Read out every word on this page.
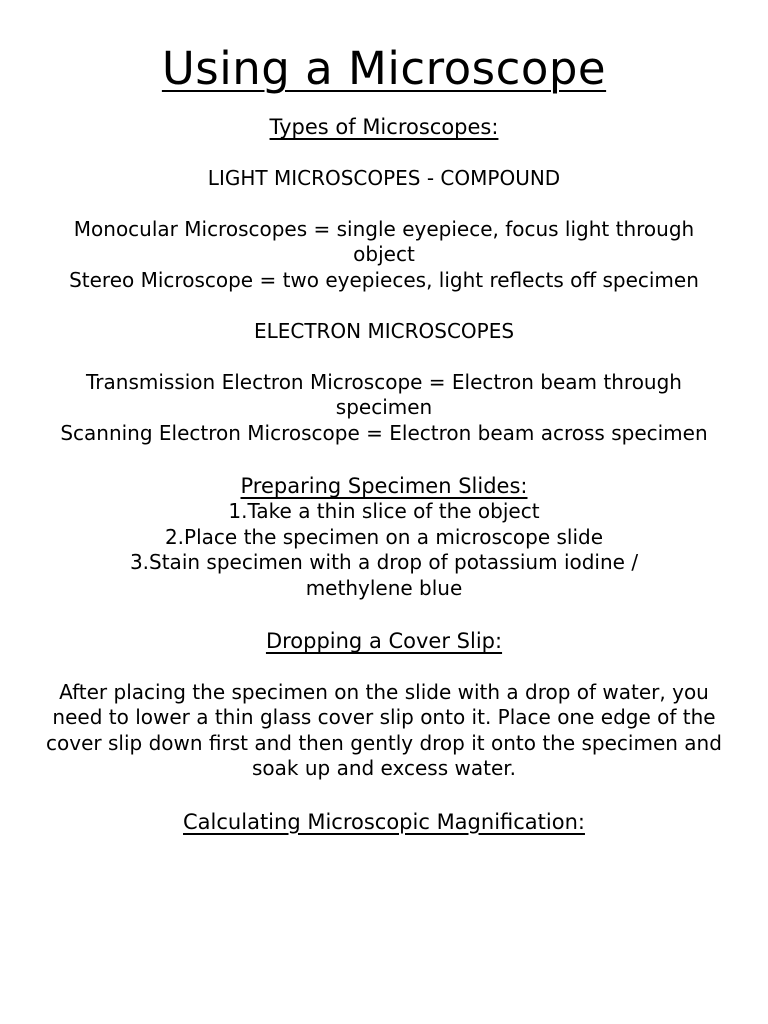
Using a Microscope
Types of Microscopes:

LIGHT MICROSCOPES - COMPOUND

Monocular Microscopes = single eyepiece, focus light through object

Stereo Microscope = two eyepieces, light reflects off specimen

ELECTRON MICROSCOPES

Transmission Electron Microscope = Electron beam through specimen

Scanning Electron Microscope = Electron beam across specimen

Preparing Specimen Slides:
1.Take a thin slice of the object
2.Place the specimen on a microscope slide
3.Stain specimen with a drop of potassium iodine / methylene blue
Dropping a Cover Slip:

After placing the specimen on the slide with a drop of water, you need to lower a thin glass cover slip onto it. Place one edge of the cover slip down first and then gently drop it onto the specimen and soak up and excess water.

Calculating Microscopic Magnification:
